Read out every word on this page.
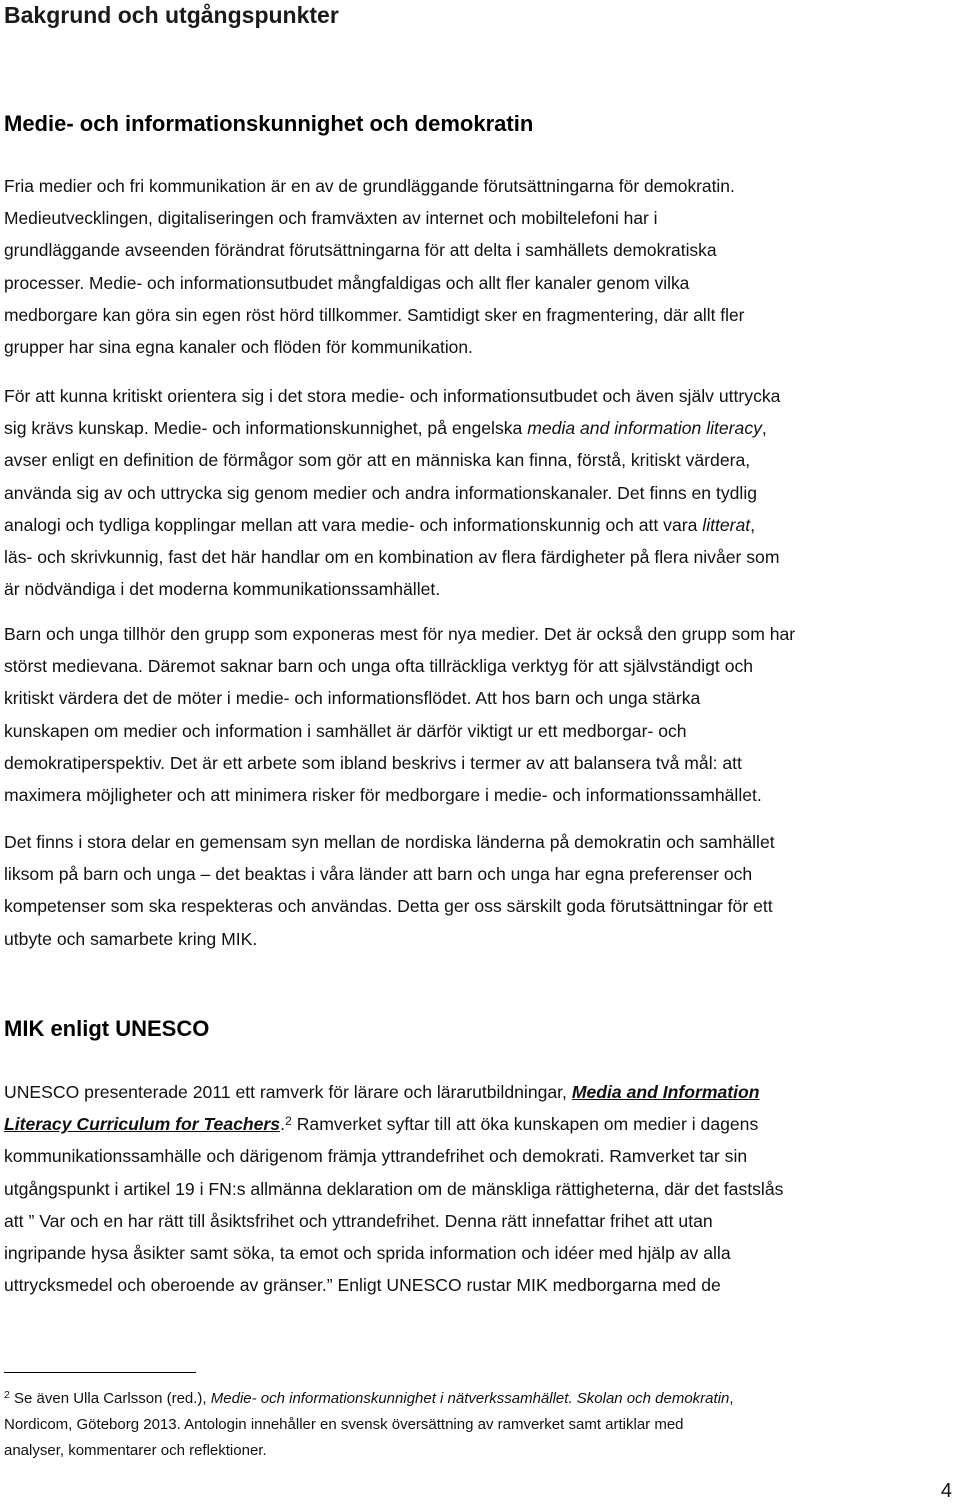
Bakgrund och utgångspunkter
Medie- och informationskunnighet och demokratin

Fria medier och fri kommunikation är en av de grundläggande förutsättningarna för demokratin.
Medieutvecklingen, digitaliseringen och framväxten av internet och mobiltelefoni har i
grundläggande avseenden förändrat förutsättningarna för att delta i samhällets demokratiska
processer. Medie- och informationsutbudet mångfaldigas och allt fler kanaler genom vilka
medborgare kan göra sin egen röst hörd tillkommer. Samtidigt sker en fragmentering, där allt fler
grupper har sina egna kanaler och flöden för kommunikation.

För att kunna kritiskt orientera sig i det stora medie- och informationsutbudet och även själv uttrycka
sig krävs kunskap. Medie- och informationskunnighet, på engelska media and information literacy,
avser enligt en definition de förmågor som gör att en människa kan finna, förstå, kritiskt värdera,
använda sig av och uttrycka sig genom medier och andra informationskanaler. Det finns en tydlig
analogi och tydliga kopplingar mellan att vara medie- och informationskunnig och att vara litterat,
läs- och skrivkunnig, fast det här handlar om en kombination av flera färdigheter på flera nivåer som
är nödvändiga i det moderna kommunikationssamhället.

Barn och unga tillhör den grupp som exponeras mest för nya medier. Det är också den grupp som har
störst medievana. Däremot saknar barn och unga ofta tillräckliga verktyg för att självständigt och
kritiskt värdera det de möter i medie- och informationsflödet. Att hos barn och unga stärka
kunskapen om medier och information i samhället är därför viktigt ur ett medborgar- och
demokratiperspektiv. Det är ett arbete som ibland beskrivs i termer av att balansera två mål: att
maximera möjligheter och att minimera risker för medborgare i medie- och informationssamhället.

Det finns i stora delar en gemensam syn mellan de nordiska länderna på demokratin och samhället
liksom på barn och unga – det beaktas i våra länder att barn och unga har egna preferenser och
kompetenser som ska respekteras och användas. Detta ger oss särskilt goda förutsättningar för ett
utbyte och samarbete kring MIK.

MIK enligt UNESCO

UNESCO presenterade 2011 ett ramverk för lärare och lärarutbildningar, Media and Information
Literacy Curriculum for Teachers.$^2$ Ramverket syftar till att öka kunskapen om medier i dagens
kommunikationssamhälle och därigenom främja yttrandefrihet och demokrati. Ramverket tar sin
utgångspunkt i artikel 19 i FN:s allmänna deklaration om de mänskliga rättigheterna, där det fastslås
att ” Var och en har rätt till åsiktsfrihet och yttrandefrihet. Denna rätt innefattar frihet att utan
ingripande hysa åsikter samt söka, ta emot och sprida information och idéer med hjälp av alla
uttrycksmedel och oberoende av gränser.” Enligt UNESCO rustar MIK medborgarna med de

$^2$ Se även Ulla Carlsson (red.), Medie- och informationskunnighet i nätverkssamhället. Skolan och demokratin,
Nordicom, Göteborg 2013. Antologin innehåller en svensk översättning av ramverket samt artiklar med
analyser, kommentarer och reflektioner.
4
